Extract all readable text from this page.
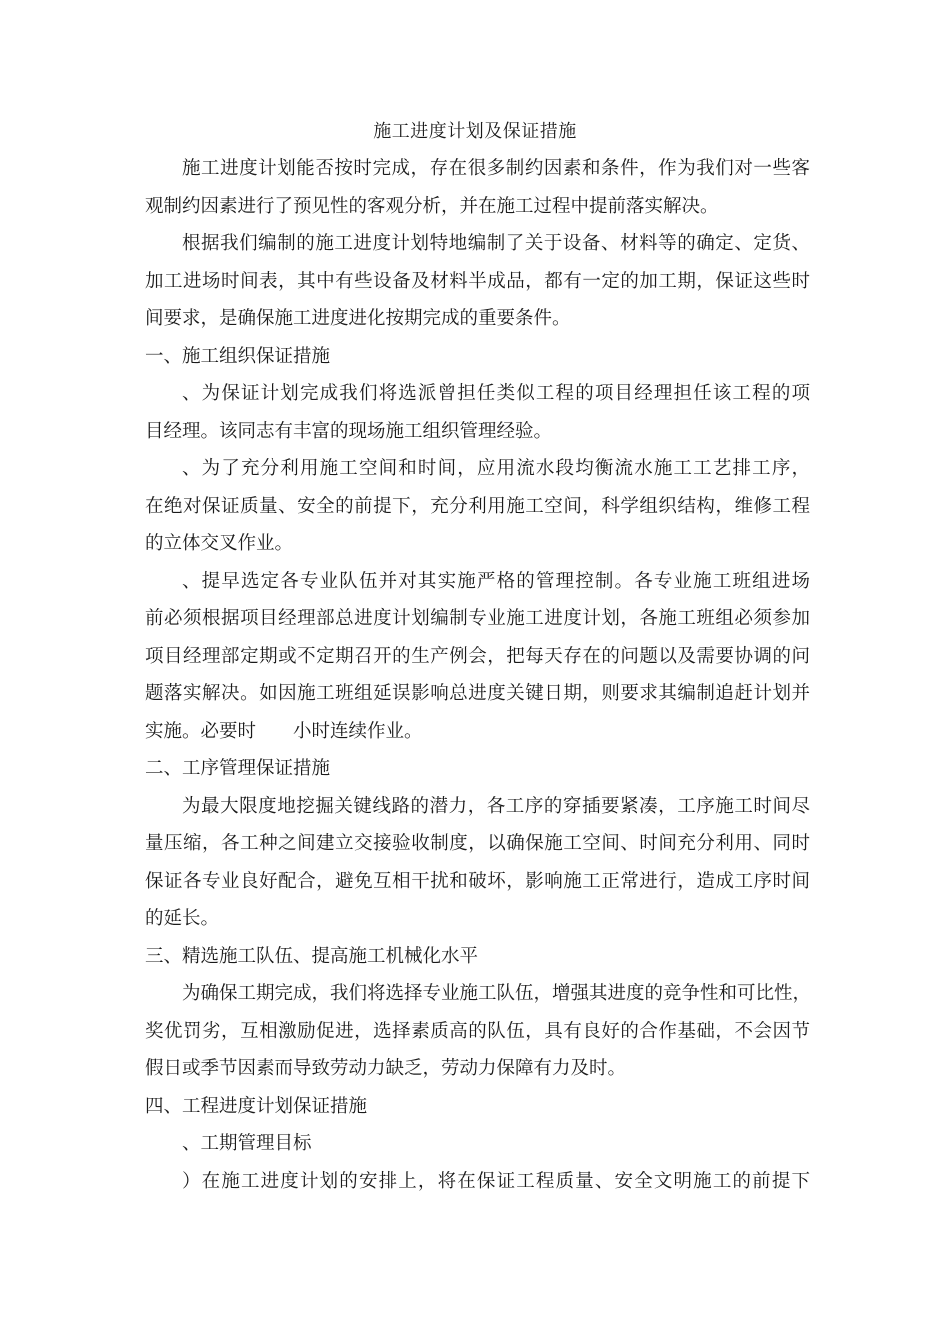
施工进度计划及保证措施
施工进度计划能否按时完成，存在很多制约因素和条件，作为我们对一些客
观制约因素进行了预见性的客观分析，并在施工过程中提前落实解决。
根据我们编制的施工进度计划特地编制了关于设备、材料等的确定、定货、
加工进场时间表，其中有些设备及材料半成品，都有一定的加工期，保证这些时
间要求，是确保施工进度进化按期完成的重要条件。
一、施工组织保证措施
、为保证计划完成我们将选派曾担任类似工程的项目经理担任该工程的项
目经理。该同志有丰富的现场施工组织管理经验。
、为了充分利用施工空间和时间，应用流水段均衡流水施工工艺排工序，
在绝对保证质量、安全的前提下，充分利用施工空间，科学组织结构，维修工程
的立体交叉作业。
、提早选定各专业队伍并对其实施严格的管理控制。各专业施工班组进场
前必须根据项目经理部总进度计划编制专业施工进度计划，各施工班组必须参加
项目经理部定期或不定期召开的生产例会，把每天存在的问题以及需要协调的问
题落实解决。如因施工班组延误影响总进度关键日期，则要求其编制追赶计划并
实施。必要时　　小时连续作业。
二、工序管理保证措施
为最大限度地挖掘关键线路的潜力，各工序的穿插要紧凑，工序施工时间尽
量压缩，各工种之间建立交接验收制度，以确保施工空间、时间充分利用、同时
保证各专业良好配合，避免互相干扰和破坏，影响施工正常进行，造成工序时间
的延长。
三、精选施工队伍、提高施工机械化水平
为确保工期完成，我们将选择专业施工队伍，增强其进度的竞争性和可比性，
奖优罚劣，互相激励促进，选择素质高的队伍，具有良好的合作基础，不会因节
假日或季节因素而导致劳动力缺乏，劳动力保障有力及时。
四、工程进度计划保证措施
、工期管理目标
）在施工进度计划的安排上，将在保证工程质量、安全文明施工的前提下
